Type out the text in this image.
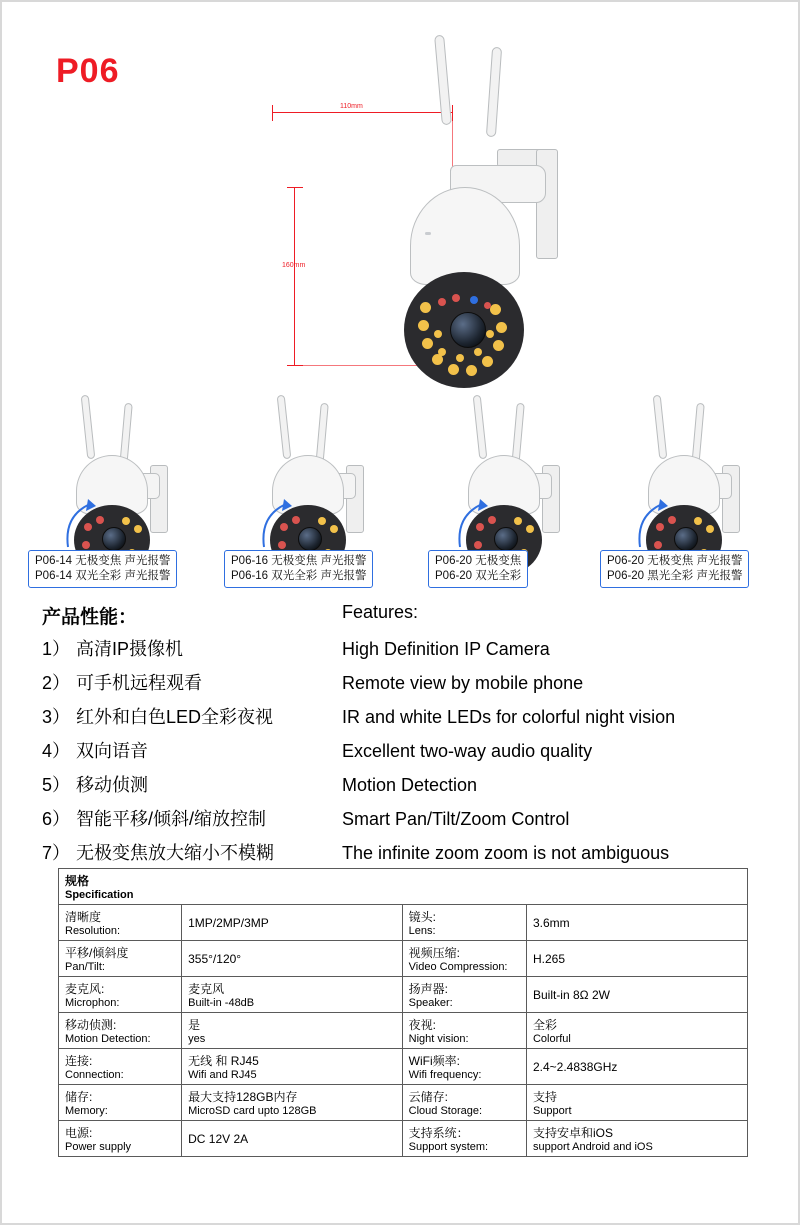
P06
110mm
160mm
P06-14 无极变焦 声光报警
P06-14 双光全彩 声光报警
P06-16 无极变焦 声光报警
P06-16 双光全彩 声光报警
P06-20 无极变焦
P06-20 双光全彩
P06-20 无极变焦 声光报警
P06-20 黑光全彩 声光报警
产品性能：	Features:
1） 高清IP摄像机	High Definition IP Camera
2） 可手机远程观看	Remote view by mobile phone
3） 红外和白色LED全彩夜视	IR and white LEDs for colorful night vision
4） 双向语音	Excellent two-way audio quality
5） 移动侦测	Motion Detection
6） 智能平移/倾斜/缩放控制	Smart Pan/Tilt/Zoom Control
7） 无极变焦放大缩小不模糊	The infinite zoom zoom is not ambiguous
规格
Specification			

清晰度
Resolution:	1MP/2MP/3MP	镜头:
Lens:	3.6mm

平移/倾斜度
Pan/Tilt:	355°/120°	视频压缩:
Video Compression:	H.265

麦克风:
Microphon:	麦克风
Built-in -48dB	扬声器:
Speaker:	Built-in 8Ω 2W

移动侦测:
Motion Detection:	是
yes	夜视:
Night vision:	全彩
Colorful

连接:
Connection:	无线 和 RJ45
Wifi and RJ45	WiFi频率:
Wifi frequency:	2.4~2.4838GHz

储存:
Memory:	最大支持128GB内存
MicroSD card upto 128GB	云储存:
Cloud Storage:	支持
Support

电源:
Power supply	DC 12V 2A	支持系统：
Support system:	支持安卓和iOS
support Android and iOS
